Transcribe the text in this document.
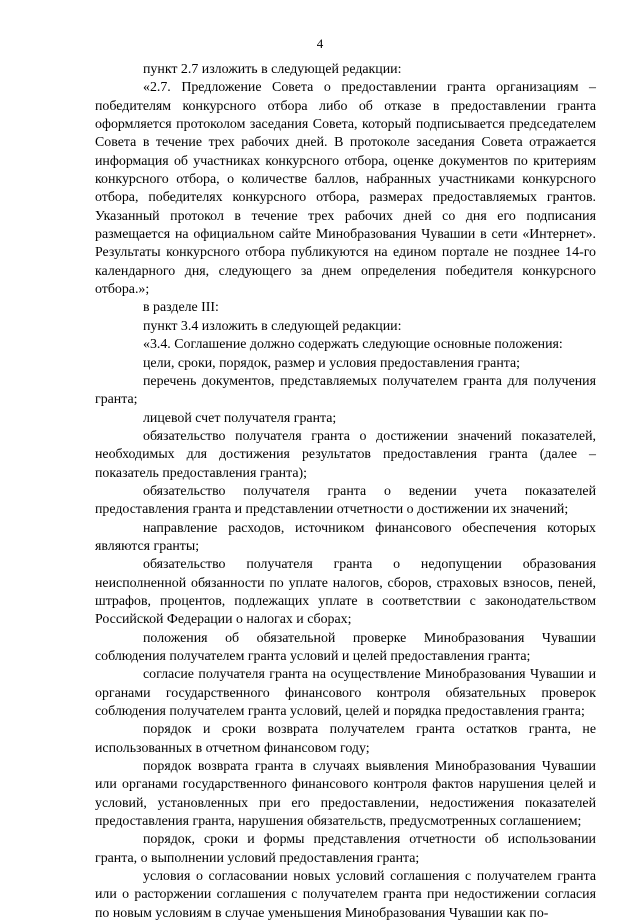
4

пункт 2.7 изложить в следующей редакции:

«2.7. Предложение Совета о предоставлении гранта организациям – победителям конкурсного отбора либо об отказе в предоставлении гранта оформляется протоколом заседания Совета, который подписывается председателем Совета в течение трех рабочих дней. В протоколе заседания Совета отражается информация об участниках конкурсного отбора, оценке документов по критериям конкурсного отбора, о количестве баллов, набранных участниками конкурсного отбора, победителях конкурсного отбора, размерах предоставляемых грантов. Указанный протокол в течение трех рабочих дней со дня его подписания размещается на официальном сайте Минобразования Чувашии в сети «Интернет». Результаты конкурсного отбора публикуются на едином портале не позднее 14-го календарного дня, следующего за днем определения победителя конкурсного отбора.»;

в разделе III:

пункт 3.4 изложить в следующей редакции:

«3.4. Соглашение должно содержать следующие основные положения:

цели, сроки, порядок, размер и условия предоставления гранта;

перечень документов, представляемых получателем гранта для получения гранта;

лицевой счет получателя гранта;

обязательство получателя гранта о достижении значений показателей, необходимых для достижения результатов предоставления гранта (далее – показатель предоставления гранта);

обязательство получателя гранта о ведении учета показателей предоставления гранта и представлении отчетности о достижении их значений;

направление расходов, источником финансового обеспечения которых являются гранты;

обязательство получателя гранта о недопущении образования неисполненной обязанности по уплате налогов, сборов, страховых взносов, пеней, штрафов, процентов, подлежащих уплате в соответствии с законодательством Российской Федерации о налогах и сборах;

положения об обязательной проверке Минобразования Чувашии соблюдения получателем гранта условий и целей предоставления гранта;

согласие получателя гранта на осуществление Минобразования Чувашии и органами государственного финансового контроля обязательных проверок соблюдения получателем гранта условий, целей и порядка предоставления гранта;

порядок и сроки возврата получателем гранта остатков гранта, не использованных в отчетном финансовом году;

порядок возврата гранта в случаях выявления Минобразования Чувашии или органами государственного финансового контроля фактов нарушения целей и условий, установленных при его предоставлении, недостижения показателей предоставления гранта, нарушения обязательств, предусмотренных соглашением;

порядок, сроки и формы представления отчетности об использовании гранта, о выполнении условий предоставления гранта;

условия о согласовании новых условий соглашения с получателем гранта или о расторжении соглашения с получателем гранта при недостижении согласия по новым условиям в случае уменьшения Минобразования Чувашии как по-
